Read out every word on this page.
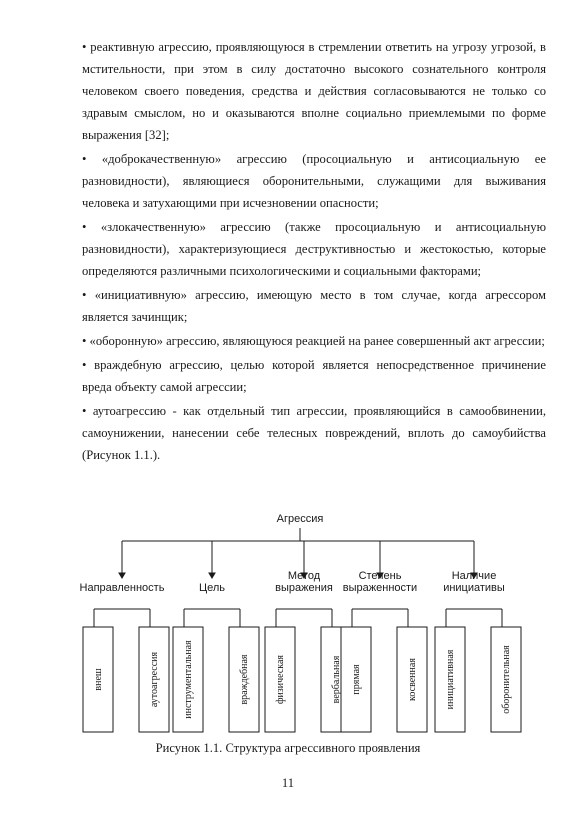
• реактивную агрессию, проявляющуюся в стремлении ответить на угрозу угрозой, в мстительности, при этом в силу достаточно высокого сознательного контроля человеком своего поведения, средства и действия согласовываются не только со здравым смыслом, но и оказываются вполне социально приемлемыми по форме выражения [32];

• «доброкачественную» агрессию (просоциальную и антисоциальную ее разновидности), являющиеся оборонительными, служащими для выживания человека и затухающими при исчезновении опасности;

• «злокачественную» агрессию (также просоциальную и антисоциальную разновидности), характеризующиеся деструктивностью и жестокостью, которые определяются различными психологическими и социальными факторами;

• «инициативную» агрессию, имеющую место в том случае, когда агрессором является зачинщик;

• «оборонную» агрессию, являющуюся реакцией на ранее совершенный акт агрессии;

• враждебную агрессию, целью которой является непосредственное причинение вреда объекту самой агрессии;

• аутоагрессию - как отдельный тип агрессии, проявляющийся в самообвинении, самоунижении, нанесении себе телесных повреждений, вплоть до самоубийства (Рисунок 1.1.).

Агрессия
Направленность
внеш	аутоагрессия
Цель
инструментальная	враждебная
Метод
выражения
физическая	вербальная
Степень
выраженности
прямая	косвенная
Наличие
инициативы
инициативная	оборонительная
Рисунок 1.1. Структура агрессивного проявления
11
